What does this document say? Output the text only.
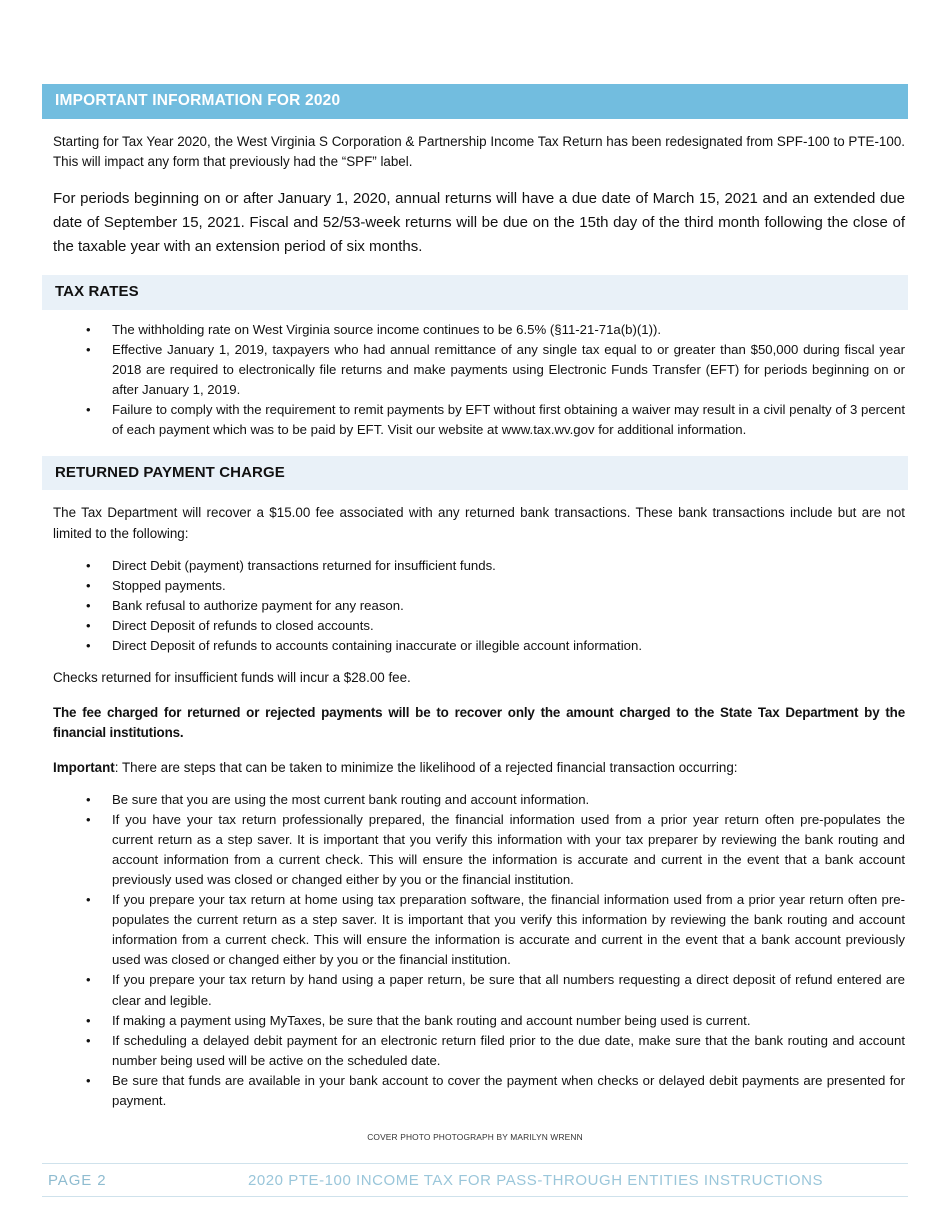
IMPORTANT INFORMATION FOR 2020

Starting for Tax Year 2020, the West Virginia S Corporation & Partnership Income Tax Return has been redesignated from SPF-100 to PTE-100. This will impact any form that previously had the “SPF” label.

For periods beginning on or after January 1, 2020, annual returns will have a due date of March 15, 2021 and an extended due date of September 15, 2021. Fiscal and 52/53-week returns will be due on the 15th day of the third month following the close of the taxable year with an extension period of six months.

TAX RATES
• The withholding rate on West Virginia source income continues to be 6.5% (§11-21-71a(b)(1)).
• Effective January 1, 2019, taxpayers who had annual remittance of any single tax equal to or greater than $50,000 during fiscal year 2018 are required to electronically file returns and make payments using Electronic Funds Transfer (EFT) for periods beginning on or after January 1, 2019.
• Failure to comply with the requirement to remit payments by EFT without first obtaining a waiver may result in a civil penalty of 3 percent of each payment which was to be paid by EFT. Visit our website at www.tax.wv.gov for additional information.
RETURNED PAYMENT CHARGE

The Tax Department will recover a $15.00 fee associated with any returned bank transactions. These bank transactions include but are not limited to the following:

• Direct Debit (payment) transactions returned for insufficient funds.
• Stopped payments.
• Bank refusal to authorize payment for any reason.
• Direct Deposit of refunds to closed accounts.
• Direct Deposit of refunds to accounts containing inaccurate or illegible account information.

Checks returned for insufficient funds will incur a $28.00 fee.

The fee charged for returned or rejected payments will be to recover only the amount charged to the State Tax Department by the financial institutions.

Important: There are steps that can be taken to minimize the likelihood of a rejected financial transaction occurring:

• Be sure that you are using the most current bank routing and account information.
• If you have your tax return professionally prepared, the financial information used from a prior year return often pre-populates the current return as a step saver. It is important that you verify this information with your tax preparer by reviewing the bank routing and account information from a current check. This will ensure the information is accurate and current in the event that a bank account previously used was closed or changed either by you or the financial institution.
• If you prepare your tax return at home using tax preparation software, the financial information used from a prior year return often pre-populates the current return as a step saver. It is important that you verify this information by reviewing the bank routing and account information from a current check. This will ensure the information is accurate and current in the event that a bank account previously used was closed or changed either by you or the financial institution.
• If you prepare your tax return by hand using a paper return, be sure that all numbers requesting a direct deposit of refund entered are clear and legible.
• If making a payment using MyTaxes, be sure that the bank routing and account number being used is current.
• If scheduling a delayed debit payment for an electronic return filed prior to the due date, make sure that the bank routing and account number being used will be active on the scheduled date.
• Be sure that funds are available in your bank account to cover the payment when checks or delayed debit payments are presented for payment.
COVER PHOTO PHOTOGRAPH BY MARILYN WRENN
PAGE 2	2020 PTE-100 INCOME TAX FOR PASS-THROUGH ENTITIES INSTRUCTIONS
